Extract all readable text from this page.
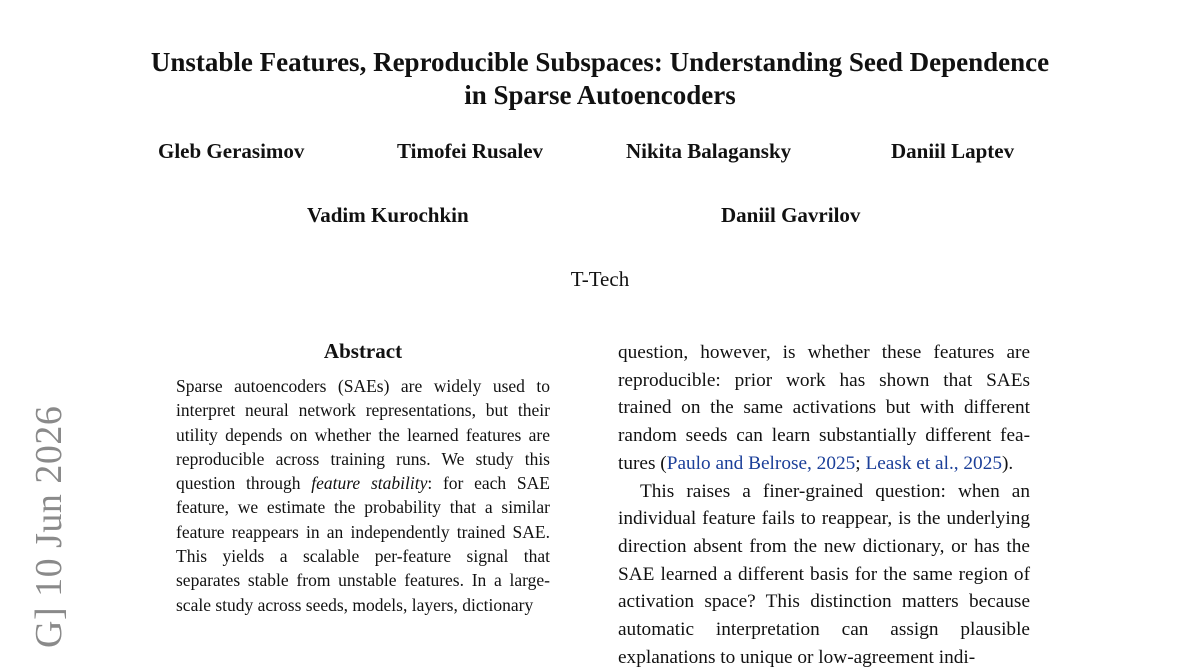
G] 10 Jun 2026
Unstable Features, Reproducible Subspaces: Understanding Seed Dependence in Sparse Autoencoders
Gleb Gerasimov	Timofei Rusalev	Nikita Balagansky	Daniil Laptev
Vadim Kurochkin	Daniil Gavrilov
T-Tech
Abstract
Sparse autoencoders (SAEs) are widely used to interpret neural network representations, but their utility depends on whether the learned features are reproducible across training runs. We study this question through feature stability: for each SAE feature, we estimate the probability that a similar feature reappears in an independently trained SAE. This yields a scalable per-feature signal that separates stable from unstable features. In a large-scale study across seeds, models, layers, dictionary

question, however, is whether these features are reproducible: prior work has shown that SAEs trained on the same activations but with different random seeds can learn substantially different features (Paulo and Belrose, 2025; Leask et al., 2025).

This raises a finer-grained question: when an individual feature fails to reappear, is the underlying direction absent from the new dictionary, or has the SAE learned a different basis for the same region of activation space? This distinction matters because automatic interpretation can assign plausible explanations to unique or low-agreement indi-
